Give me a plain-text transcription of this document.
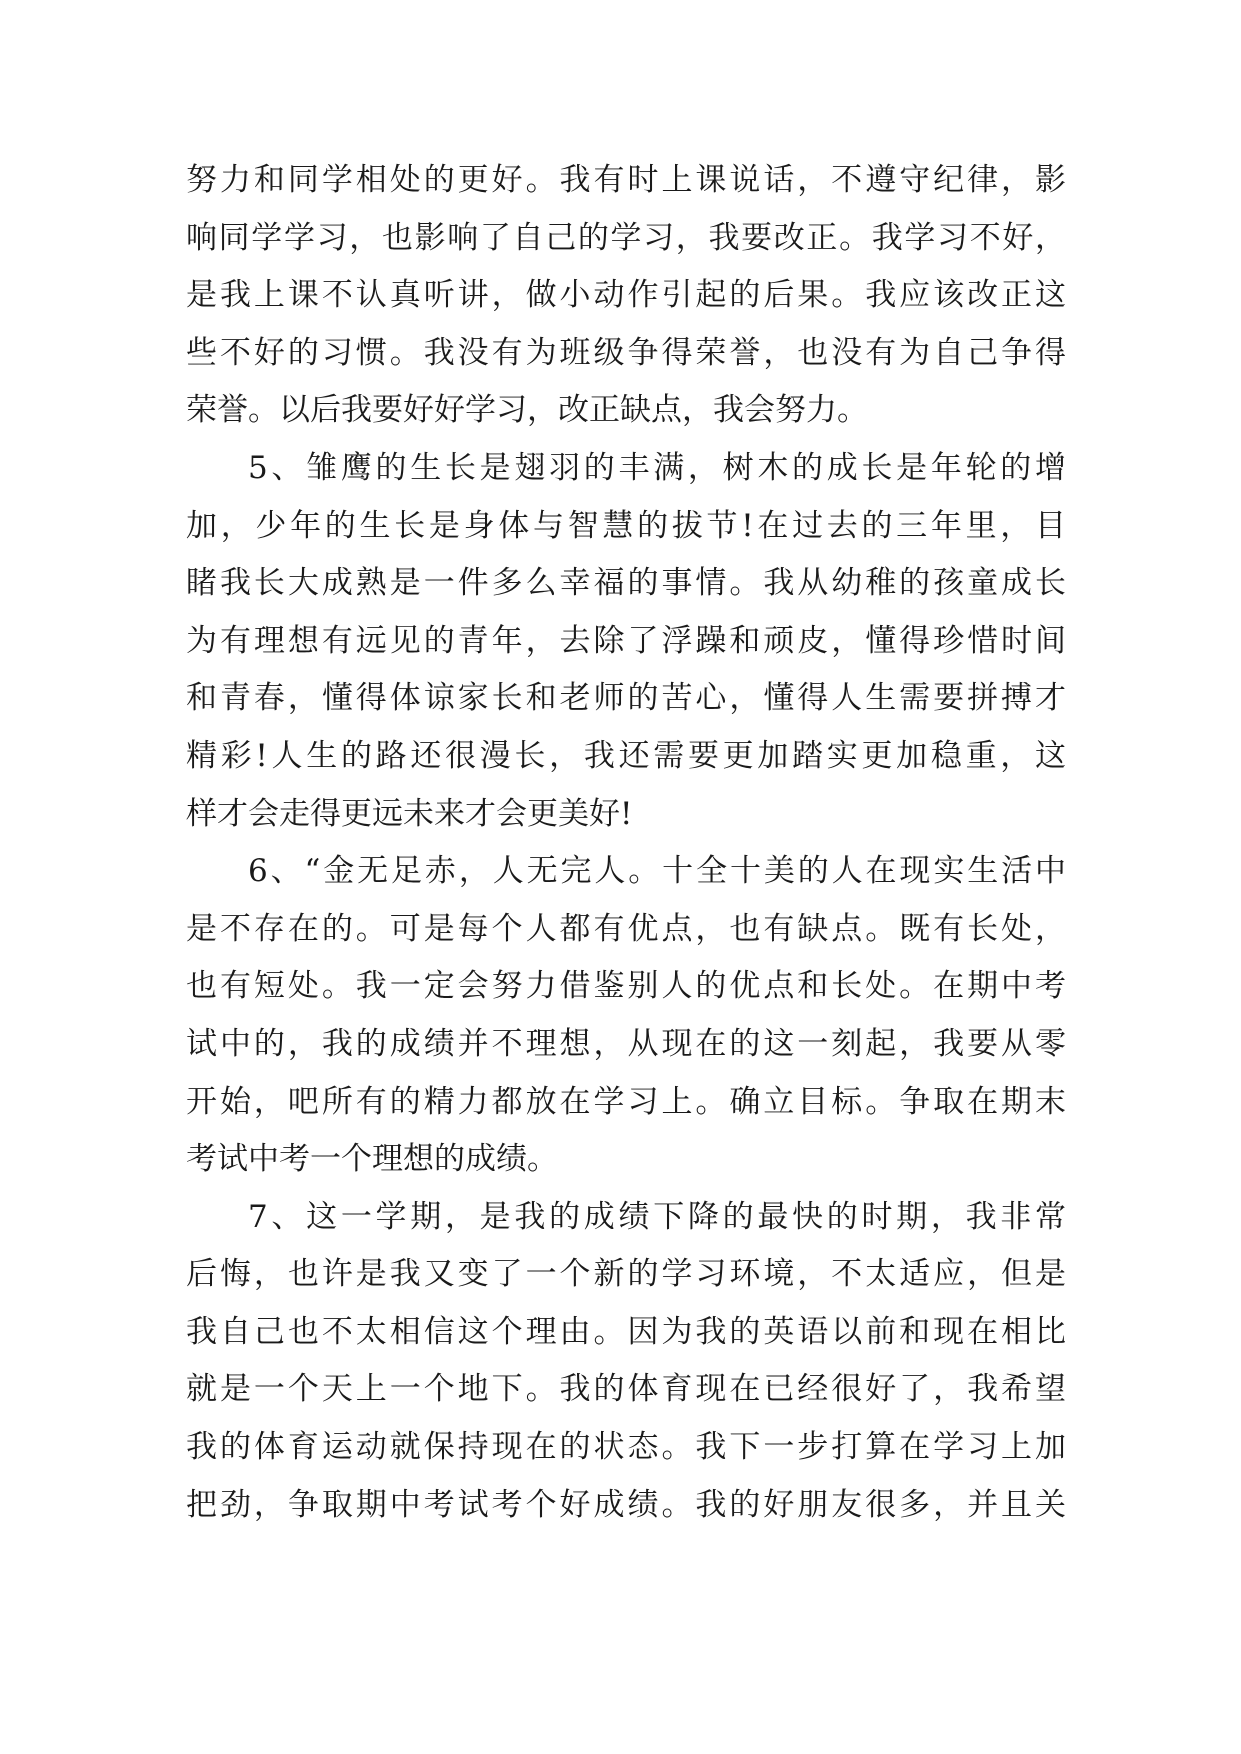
努力和同学相处的更好。我有时上课说话，不遵守纪律，影
响同学学习，也影响了自己的学习，我要改正。我学习不好，
是我上课不认真听讲，做小动作引起的后果。我应该改正这
些不好的习惯。我没有为班级争得荣誉，也没有为自己争得
荣誉。以后我要好好学习，改正缺点，我会努力。
5、雏鹰的生长是翅羽的丰满，树木的成长是年轮的增
加，少年的生长是身体与智慧的拔节!在过去的三年里，目
睹我长大成熟是一件多么幸福的事情。我从幼稚的孩童成长
为有理想有远见的青年，去除了浮躁和顽皮，懂得珍惜时间
和青春，懂得体谅家长和老师的苦心，懂得人生需要拼搏才
精彩!人生的路还很漫长，我还需要更加踏实更加稳重，这
样才会走得更远未来才会更美好!
6、“金无足赤，人无完人。十全十美的人在现实生活中
是不存在的。可是每个人都有优点，也有缺点。既有长处，
也有短处。我一定会努力借鉴别人的优点和长处。在期中考
试中的，我的成绩并不理想，从现在的这一刻起，我要从零
开始，吧所有的精力都放在学习上。确立目标。争取在期末
考试中考一个理想的成绩。
7、这一学期，是我的成绩下降的最快的时期，我非常
后悔，也许是我又变了一个新的学习环境，不太适应，但是
我自己也不太相信这个理由。因为我的英语以前和现在相比
就是一个天上一个地下。我的体育现在已经很好了，我希望
我的体育运动就保持现在的状态。我下一步打算在学习上加
把劲，争取期中考试考个好成绩。我的好朋友很多，并且关
